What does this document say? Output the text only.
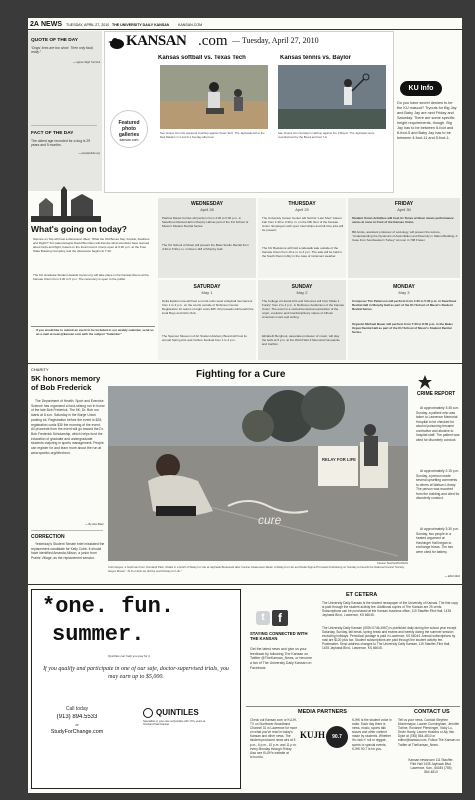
2A NEWS TUESDAY, APRIL 27, 2010 THE UNIVERSITY DAILY KANSAN KANSAN.COM
QUOTE OF THE DAY
“Dogs' lives are too short. Their only fault, really.”
— Agnes Sligh Turnbull
FACT OF THE DAY
The oldest age recorded for a dog is 29 years and 5 months.
— peoplesfolio.org
KANSAN .com — Tuesday, April 27, 2010
Featured photo galleries
kansan.com
Kansas softball vs. Texas Tech
See photos from the weekend matchup against Texas Tech. The Jayhawks fell to the Red Raiders in 3 and 9-1 Sunday afternoon.
Kansas tennis vs. Baylor
See photos from Sunday's matchup against No. 2 Baylor. The Jayhawks were overwhelmed by the Bears and lost 7-0.
KU Info
Do you have secret desires to be the KU mascot? Tryouts for Big Jay and Baby Jay are next Friday and Saturday. There are some specific height requirements, though. Big Jay has to be between 6-foot and 6-foot-5 and Baby Jay has to be between 4-foot-11 and 5-foot-1.
What's going on today?
Science on Tap will host a discussion titled, “What the Old Bones Say: Fossils, Feathers and Flight?” KU paleontologist David Burnham will discuss what scientists have learned about birds and flight, based on the fossil record. Doors open at 6:30 p.m. at the Free State Brewing Company and the discussion begins at 7:30.
The KU Graduate Student Awards Ceremony will take place in the Kansas Room at the Kansas Union from 3:30 to 5 p.m. The ceremony is open to the public.
If you would like to submit an event to be included in our weekly calendar, send us an e-mail at news@kansan.com with the subject “Calendar.”
WEDNESDAY
April 28
Patricia Daniel Curtiss will perform from 4:30 to 5:30 p.m. in Swarthout Recital Hall in Murphy Hall as part of the KU School of Music's Student Recital Series.
The KU School of Music will present the Bass Studio Recital from 4:30 to 5:30 p.m. in Room 118 of Murphy Hall.
THURSDAY
April 29
The University Career Center will hold its “Last Shot” Career Fair from 1:30 to 4:30 p.m. on the fifth floor of the Kansas Union. Employers with open internships and full-time jobs will be present.
The KU Bookstore will hold a sidewalk sale outside of the Kansas Union from 10 a.m. to 4 p.m. The sale will be held in the South Room lobby in the case of inclement weather.
FRIDAY
April 30
Student Union Activities will host its Tunes at Noon music performance series at noon in front of the Kansas Union.
Bill Ainsle, assistant professor of sociology, will present the lecture, “Understanding the Dynamics of Assimilation and Diversity in Nation-Building: A Case from Southeastern Turkey” at noon in 708 Fraser.
SATURDAY
May 1
Delta Epsilon Iota will host a round-robin sand volleyball tournament from 1 to 3 p.m. on the courts outside of Robinson Center. Registration for teams of eight costs $45. All proceeds will benefit the local Boys and Girls Club.
The Spencer Museum of Art Student Advisory Board will host its annual Spring Arts and Culture Festival from 1 to 4 p.m.
SUNDAY
May 2
The College of Liberal Arts and Sciences will host “Make it Funky” from 2 to 4 p.m. in Robinson Auditorium of the Kansas Union. The event is a multi-dimensional exploration of the origin, evolution and interdisciplinary nature of African American music and writing.
Elizabeth Berghout, associate professor of music, will play the bells at 5 p.m. at the World War II Memorial Campanile and Carillon.
MONDAY
May 3
Composer Tim Patterson will perform from 4:30 to 5:30 p.m. in Swarthout Recital Hall in Murphy Hall as part of the KU School of Music's Student Recital Series.
Organist Michael Bauer will perform from 7:30 to 8:30 p.m. in the Bales Organ Recital Hall as part of the KU School of Music's Student Recital Series.
CHARITY
5K honors memory of Bob Frederick
The Department of Health, Sport and Exercise Science has organized a fund-raising run in honor of the late Bob Frederick. The 5K, Dr. Bob run starts at 8 a.m. Saturday in the Burge Union parking lot. Registration before the event is $25; registration costs $30 the morning of the event. All proceeds from the event will go toward the Dr. Bob Frederick Scholarship, which helps fund the education of graduate and undergraduate students majoring in sports management. People can register for and learn more about the run at www.sportkc.org/drbobrun.
— By Alex Bator
CORRECTION
Yesterday's Student Senate brief misstated the replacement candidate for Kelly Cobb. It should have identified Amanda Allison, a junior from Prairie Village, as the replacement senator.
Fighting for a Cure
cure
RELAY FOR LIFE
Kaneen Stanford/KANSAN
Colin Hayes, a freshman from Overland Park, chalks in a finish of Relay for Life at Jayhawk Boulevard after Cancer Awareness Week. A Relay For Life and Delta Sigma Pi hosted fundraising on Sunday to benefit the National Cancer Society. Hayes Mower: “At 8 o'clock we did the world Relay for Life.”
CRIME REPORT
At approximately 3:45 a.m. Sunday, a patient who was taken to Lawrence Memorial Hospital to be checked for alcohol poisoning became combative and abusive to hospital staff. The patient was cited for disorderly conduct.
At approximately 2:15 p.m. Sunday, a person made several upsetting comments to others at Watson Library. The person was escorted from the building and cited for disorderly conduct.
At approximately 3:30 p.m. Sunday, two people in a heated argument at Hashinger Hall began to exchange blows. The two were cited for battery.
— Elliot Metz
*one. fun.
summer.
Quintiles can help you pay for it.
If you qualify and participate in one of our safe, doctor-supervised trials, you may earn up to $5,000.
Call today
(913) 894.5533
or
StudyForChange.com
QUINTILES
Specialists in your care at Quintiles with 170+ years at Overland Park Kansas
t	f
STAYING CONNECTED WITH THE KANSAN
Get the latest news and give us your feedback by following The Kansan on Twitter @TheKansan_News, or become a fan of The University Daily Kansan on Facebook.
ET CETERA
The University Daily Kansan is the student newspaper of the University of Kansas. The first copy is paid through the student activity fee. Additional copies of The Kansan are 25 cents. Subscriptions can be purchased at the Kansan business office, 119 Stauffer-Flint Hall, 1435 Jayhawk Blvd., Lawrence, KS 66045.
The University Daily Kansan (ISSN 0746-4967) is published daily during the school year except Saturday, Sunday, fall break, spring break and exams and weekly during the summer session excluding holidays. Periodical postage is paid in Lawrence, KS 66044. Annual subscriptions by mail are $120 plus tax. Student subscriptions are paid through the student activity fee. Postmaster: Send address changes to The University Daily Kansan, 119 Stauffer-Flint Hall, 1435 Jayhawk Blvd., Lawrence, KS 66045.
MEDIA PARTNERS
Check out Kansan.com or KUJH-TV on Sunflower Broadband Channel 31 in Lawrence for more on what you've read in today's Kansan and other news. The student-produced news airs at 5 p.m., 6 p.m., 10 p.m. and 11 p.m. every Monday through Friday. Also see KUJH's website at tv.ku.edu.
KUJH	90.7
KJHK is the student voice in radio. Each day there is news, music, sports talk shows and other content made by students. Whether it's rock n' roll or reggae, sports or special events, KJHK 90.7 is for you.
CONTACT US
Tell us your news. Contact Stephen Montemayor, Lauren Cunningham, Jennifer Torline, Roxanne Pfenninger, Vicky Lu, Kevin Hardy, Lauren Hoskins or Aly Van Dyke at (785) 864-4810 or editor@kansan.com. Follow The Kansan on Twitter at TheKansan_News.
Kansan newsroom 111 Stauffer-Flint Hall 1435 Jayhawk Blvd. Lawrence, Kan., 66045 (785) 864-4810
